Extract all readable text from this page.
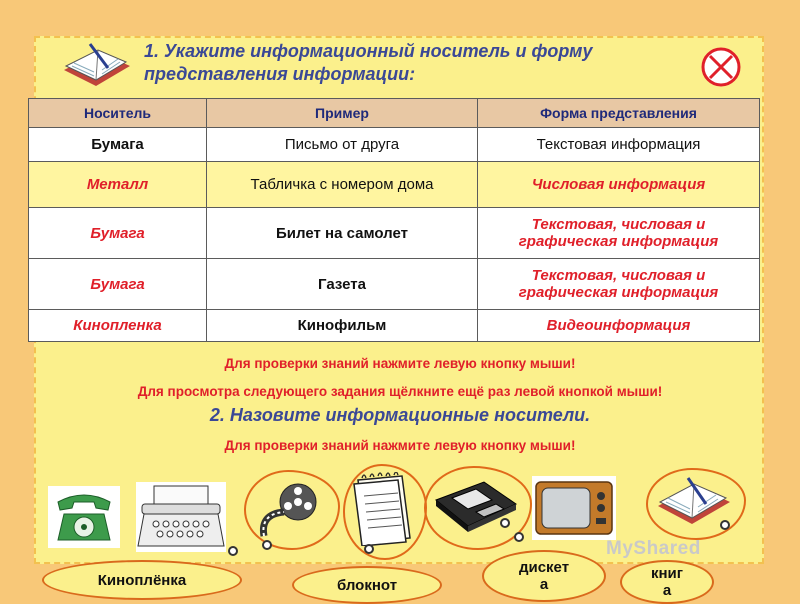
1. Укажите информационный носитель и форму
представления информации:
Носитель	Пример	Форма представления
Бумага	Письмо от друга	Текстовая информация
Металл	Табличка с номером дома	Числовая информация
Бумага	Билет на самолет	Текстовая, числовая и графическая информация
Бумага	Газета	Текстовая, числовая и графическая информация
Кинопленка	Кинофильм	Видеоинформация
Для проверки знаний нажмите левую кнопку мыши!
Для просмотра следующего задания щёлкните ещё раз левой кнопкой мыши!
2. Назовите информационные носители.
Для проверки знаний нажмите левую кнопку мыши!
Киноплёнка	блокнот
дискет
а
книг
а
MyShared
